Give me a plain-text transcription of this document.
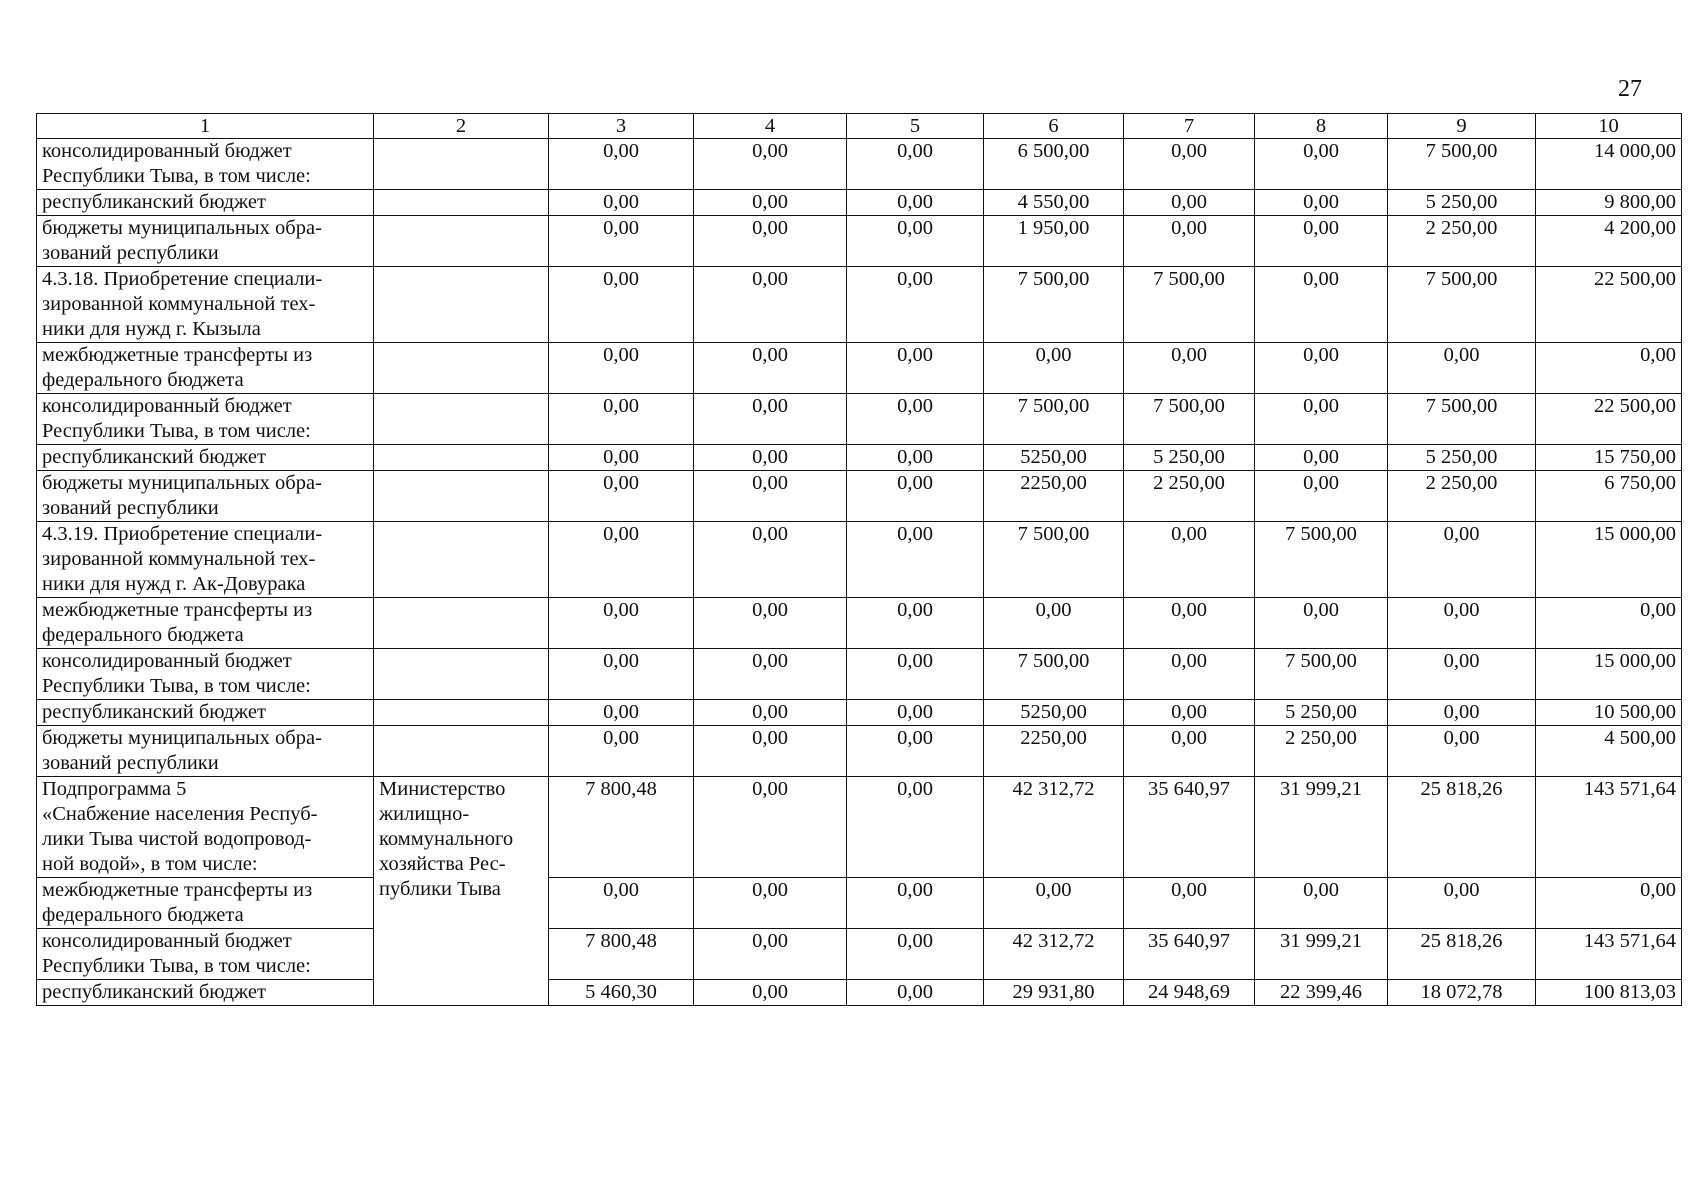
27
1	2	3	4	5	6	7	8	9	10

консолидированный бюджет
Республики Тыва, в том числе:		0,00	0,00	0,00	6 500,00	0,00	0,00	7 500,00	14 000,00

республиканский бюджет		0,00	0,00	0,00	4 550,00	0,00	0,00	5 250,00	9 800,00

бюджеты муниципальных обра-
зований республики		0,00	0,00	0,00	1 950,00	0,00	0,00	2 250,00	4 200,00

4.3.18. Приобретение специали-
зированной коммунальной тех-
ники для нужд г. Кызыла		0,00	0,00	0,00	7 500,00	7 500,00	0,00	7 500,00	22 500,00

межбюджетные трансферты из
федерального бюджета		0,00	0,00	0,00	0,00	0,00	0,00	0,00	0,00

консолидированный бюджет
Республики Тыва, в том числе:		0,00	0,00	0,00	7 500,00	7 500,00	0,00	7 500,00	22 500,00

республиканский бюджет		0,00	0,00	0,00	5250,00	5 250,00	0,00	5 250,00	15 750,00

бюджеты муниципальных обра-
зований республики		0,00	0,00	0,00	2250,00	2 250,00	0,00	2 250,00	6 750,00

4.3.19. Приобретение специали-
зированной коммунальной тех-
ники для нужд г. Ак-Довурака		0,00	0,00	0,00	7 500,00	0,00	7 500,00	0,00	15 000,00

межбюджетные трансферты из
федерального бюджета		0,00	0,00	0,00	0,00	0,00	0,00	0,00	0,00

консолидированный бюджет
Республики Тыва, в том числе:		0,00	0,00	0,00	7 500,00	0,00	7 500,00	0,00	15 000,00

республиканский бюджет		0,00	0,00	0,00	5250,00	0,00	5 250,00	0,00	10 500,00

бюджеты муниципальных обра-
зований республики		0,00	0,00	0,00	2250,00	0,00	2 250,00	0,00	4 500,00

Подпрограмма 5
«Снабжение населения Респуб-
лики Тыва чистой водопровод-
ной водой», в том числе:	Министерство
жилищно-
коммунального
хозяйства Рес-
публики Тыва	7 800,48	0,00	0,00	42 312,72	35 640,97	31 999,21	25 818,26	143 571,64

межбюджетные трансферты из
федерального бюджета		0,00	0,00	0,00	0,00	0,00	0,00	0,00	0,00

консолидированный бюджет
Республики Тыва, в том числе:		7 800,48	0,00	0,00	42 312,72	35 640,97	31 999,21	25 818,26	143 571,64

республиканский бюджет		5 460,30	0,00	0,00	29 931,80	24 948,69	22 399,46	18 072,78	100 813,03
